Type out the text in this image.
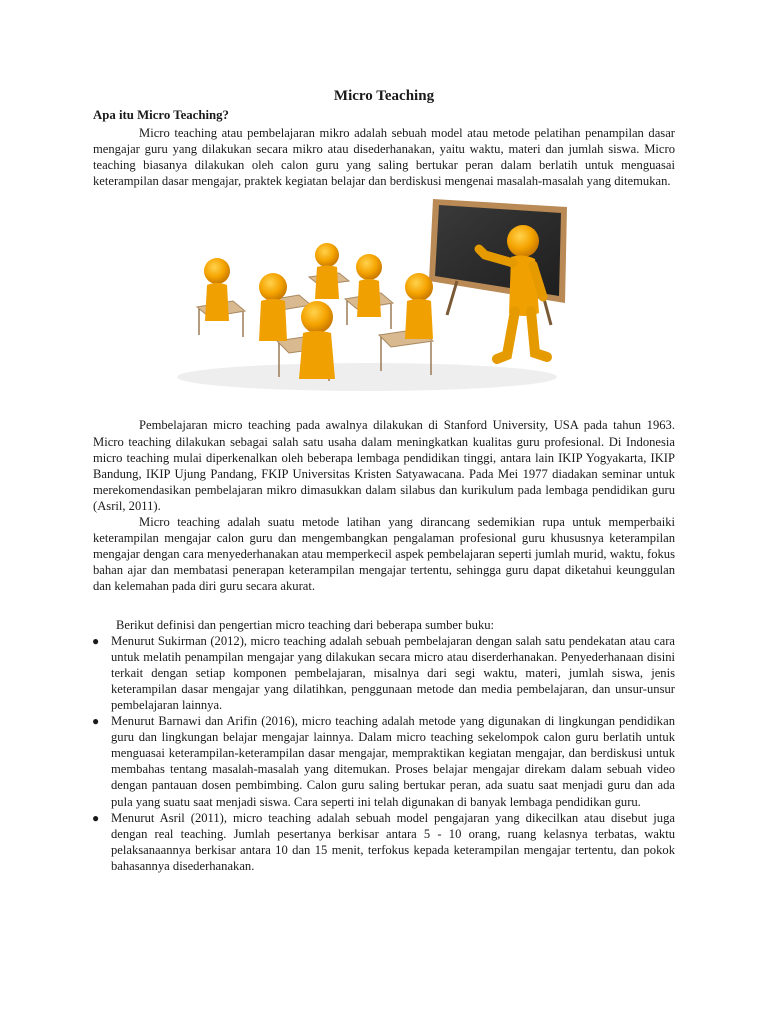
Micro Teaching
Apa itu Micro Teaching?

Micro teaching atau pembelajaran mikro adalah sebuah model atau metode pelatihan penampilan dasar mengajar guru yang dilakukan secara mikro atau disederhanakan, yaitu waktu, materi dan jumlah siswa. Micro teaching biasanya dilakukan oleh calon guru yang saling bertukar peran dalam berlatih untuk menguasai keterampilan dasar mengajar, praktek kegiatan belajar dan berdiskusi mengenai masalah-masalah yang ditemukan.

Pembelajaran micro teaching pada awalnya dilakukan di Stanford University, USA pada tahun 1963. Micro teaching dilakukan sebagai salah satu usaha dalam meningkatkan kualitas guru profesional. Di Indonesia micro teaching mulai diperkenalkan oleh beberapa lembaga pendidikan tinggi, antara lain IKIP Yogyakarta, IKIP Bandung, IKIP Ujung Pandang, FKIP Universitas Kristen Satyawacana. Pada Mei 1977 diadakan seminar untuk merekomendasikan pembelajaran mikro dimasukkan dalam silabus dan kurikulum pada lembaga pendidikan guru (Asril, 2011).

Micro teaching adalah suatu metode latihan yang dirancang sedemikian rupa untuk memperbaiki keterampilan mengajar calon guru dan mengembangkan pengalaman profesional guru khususnya keterampilan mengajar dengan cara menyederhanakan atau memperkecil aspek pembelajaran seperti jumlah murid, waktu, fokus bahan ajar dan membatasi penerapan keterampilan mengajar tertentu, sehingga guru dapat diketahui keunggulan dan kelemahan pada diri guru secara akurat.

Berikut definisi dan pengertian micro teaching dari beberapa sumber buku:
● Menurut Sukirman (2012), micro teaching adalah sebuah pembelajaran dengan salah satu pendekatan atau cara untuk melatih penampilan mengajar yang dilakukan secara micro atau diserderhanakan. Penyederhanaan disini terkait dengan setiap komponen pembelajaran, misalnya dari segi waktu, materi, jumlah siswa, jenis keterampilan dasar mengajar yang dilatihkan, penggunaan metode dan media pembelajaran, dan unsur-unsur pembelajaran lainnya.
● Menurut Barnawi dan Arifin (2016), micro teaching adalah metode yang digunakan di lingkungan pendidikan guru dan lingkungan belajar mengajar lainnya. Dalam micro teaching sekelompok calon guru berlatih untuk menguasai keterampilan-keterampilan dasar mengajar, mempraktikan kegiatan mengajar, dan berdiskusi untuk membahas tentang masalah-masalah yang ditemukan. Proses belajar mengajar direkam dalam sebuah video dengan pantauan dosen pembimbing. Calon guru saling bertukar peran, ada suatu saat menjadi guru dan ada pula yang suatu saat menjadi siswa. Cara seperti ini telah digunakan di banyak lembaga pendidikan guru.
● Menurut Asril (2011), micro teaching adalah sebuah model pengajaran yang dikecilkan atau disebut juga dengan real teaching. Jumlah pesertanya berkisar antara 5 - 10 orang, ruang kelasnya terbatas, waktu pelaksanaannya berkisar antara 10 dan 15 menit, terfokus kepada keterampilan mengajar tertentu, dan pokok bahasannya disederhanakan.
